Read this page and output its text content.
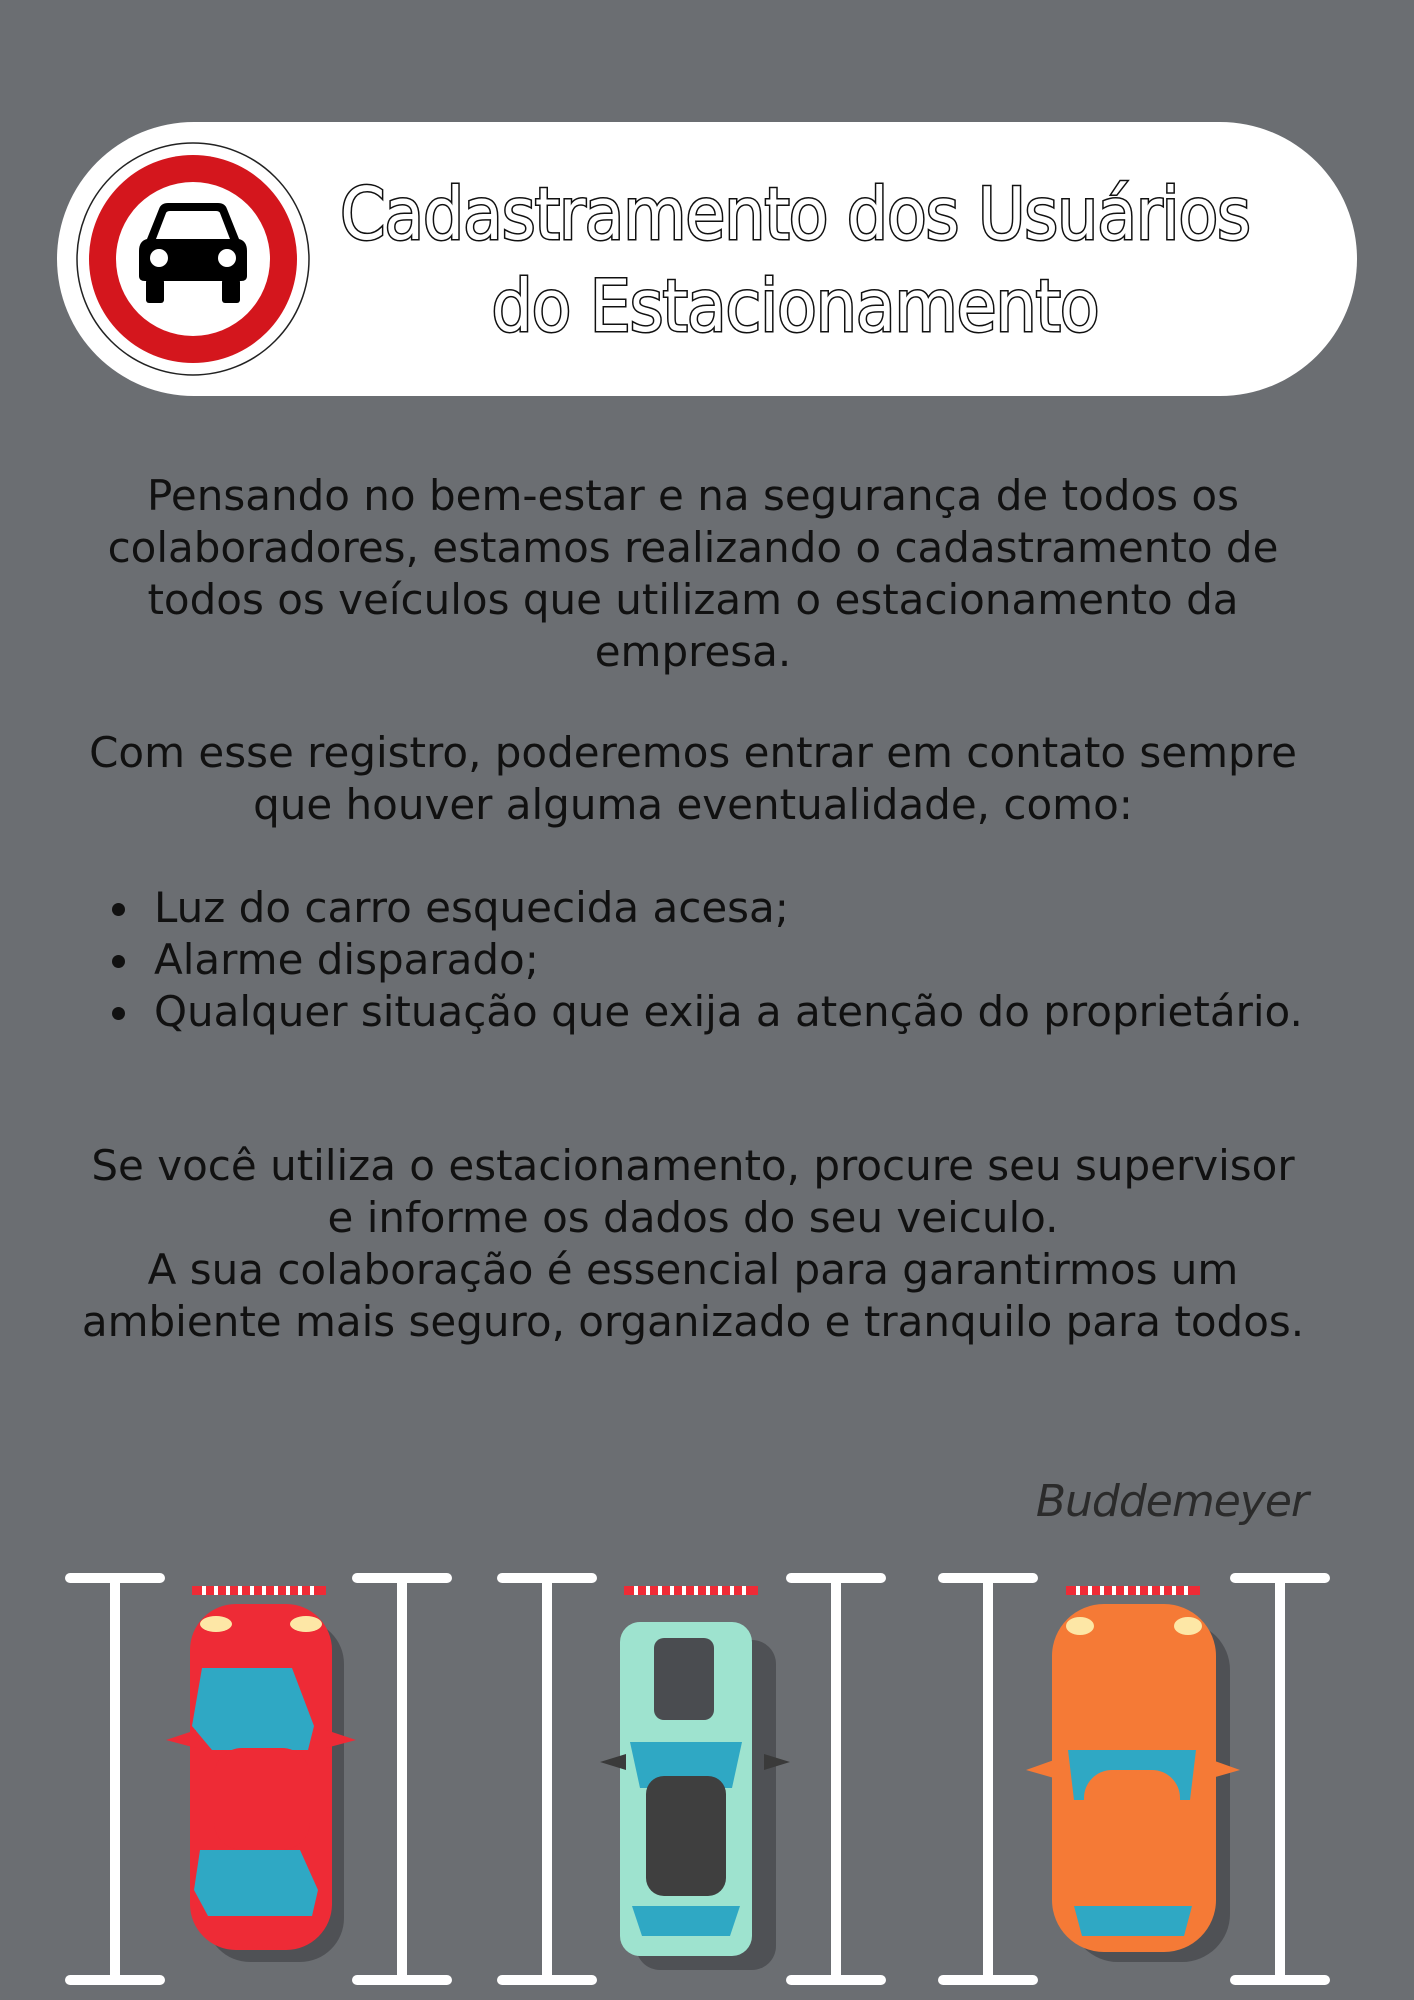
Cadastramento dos Usuários
do Estacionamento
Pensando no bem-estar e na segurança de todos os colaboradores, estamos realizando o cadastramento de todos os veículos que utilizam o estacionamento da empresa.
Com esse registro, poderemos entrar em contato sempre que houver alguma eventualidade, como:
Luz do carro esquecida acesa;
Alarme disparado;
Qualquer situação que exija a atenção do proprietário.
Se você utiliza o estacionamento, procure seu supervisor e informe os dados do seu veiculo.
A sua colaboração é essencial para garantirmos um ambiente mais seguro, organizado e tranquilo para todos.
Buddemeyer
